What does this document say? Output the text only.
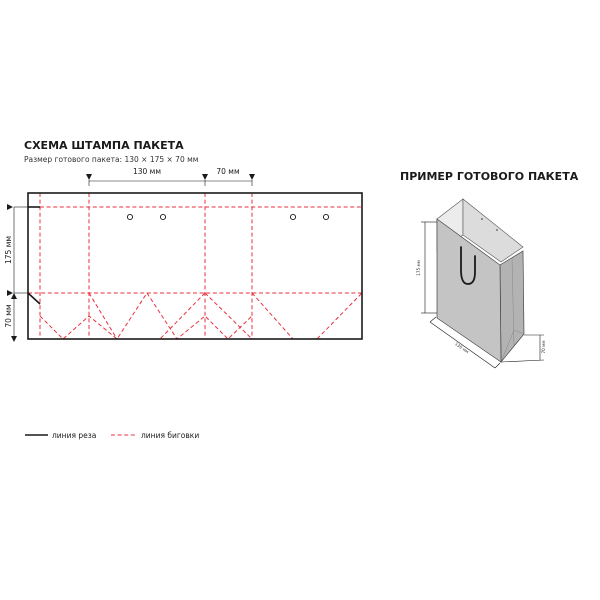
СХЕМА ШТАМПА ПАКЕТА
Размер готового пакета: 130 × 175 × 70 мм
130 мм	70 мм
175 мм
70 мм
линия реза	линия биговки
ПРИМЕР ГОТОВОГО ПАКЕТА
175 мм
130 мм	70 мм
